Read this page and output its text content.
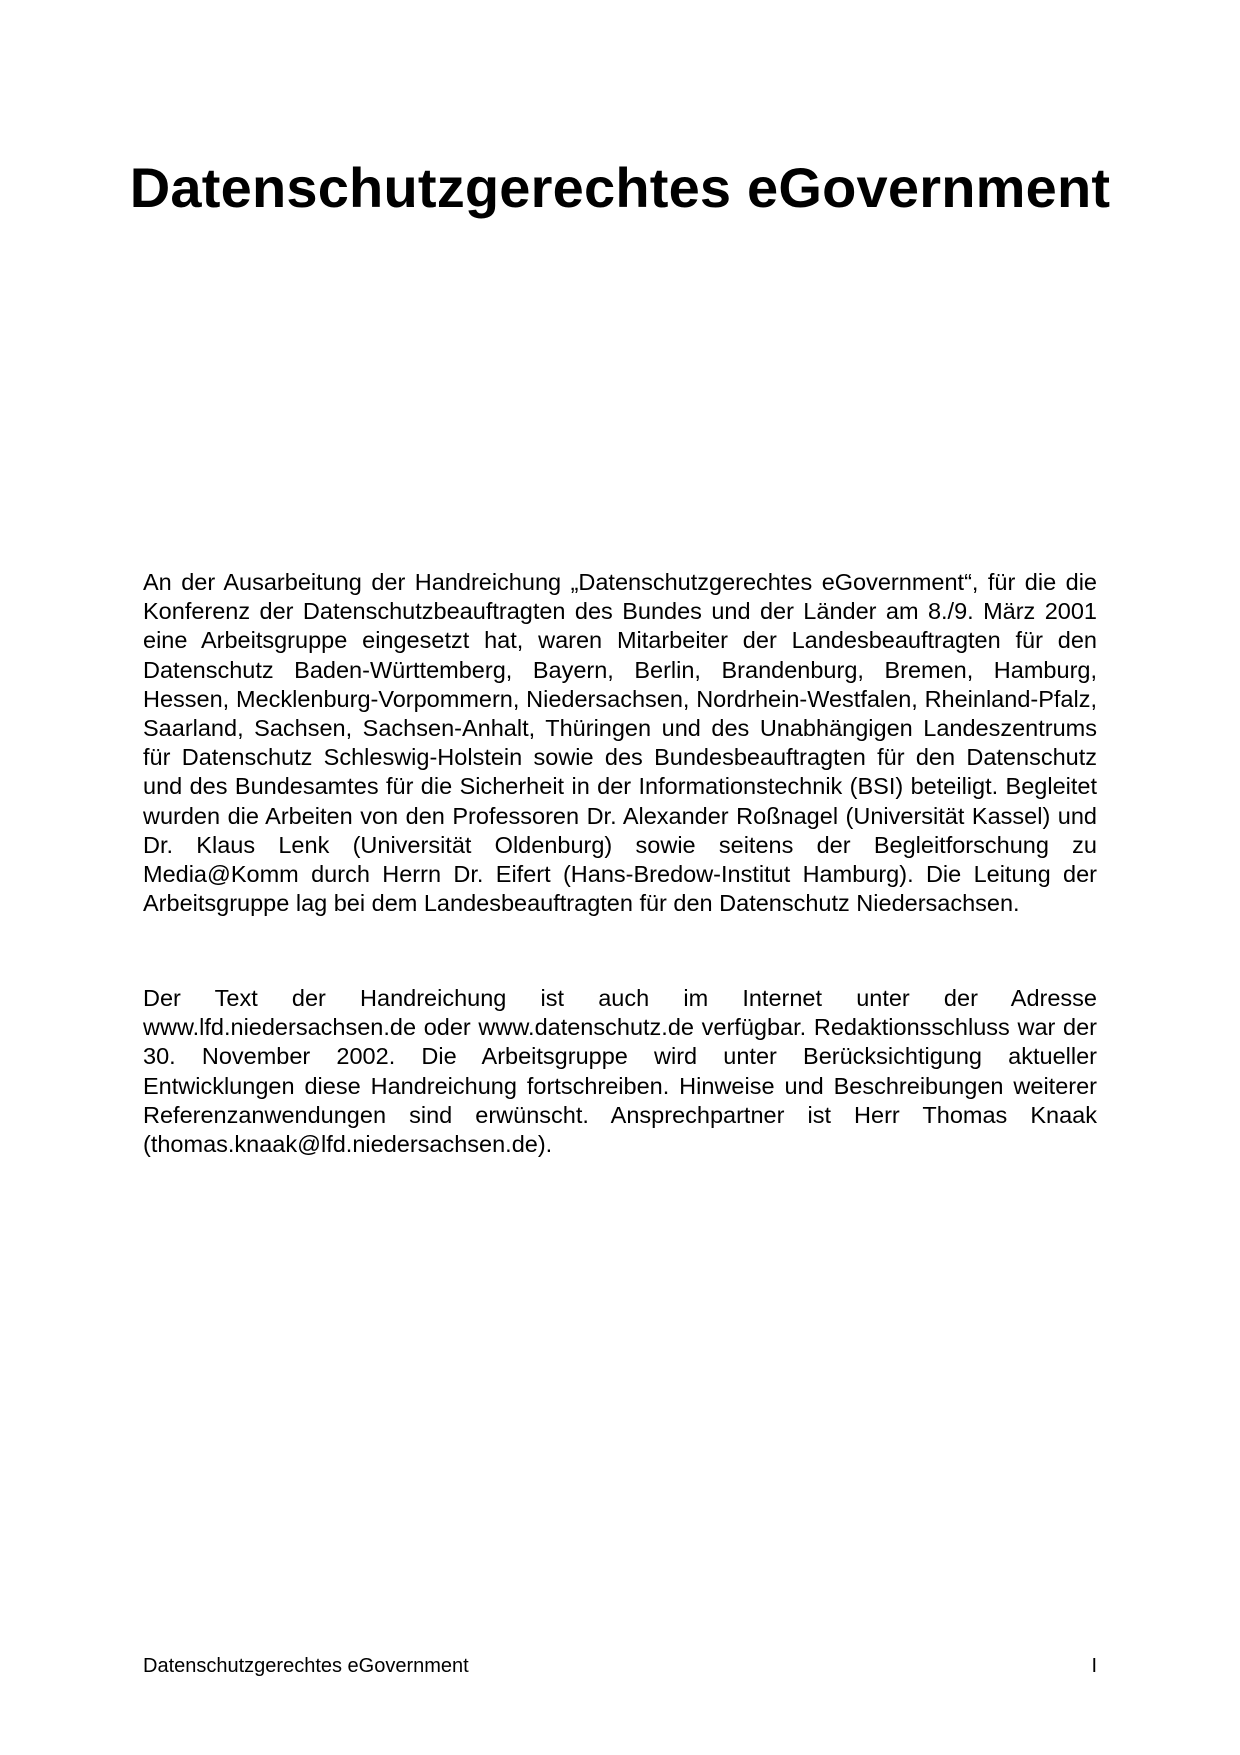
Datenschutzgerechtes eGovernment

An der Ausarbeitung der Handreichung „Datenschutzgerechtes eGovernment“, für die die Konferenz der Datenschutzbeauftragten des Bundes und der Länder am 8./9. März 2001 eine Arbeitsgruppe eingesetzt hat, waren Mitarbeiter der Landesbeauftragten für den Datenschutz Baden-Württemberg, Bayern, Berlin, Brandenburg, Bremen, Hamburg, Hessen, Mecklenburg-Vorpommern, Niedersachsen, Nordrhein-Westfalen, Rheinland-Pfalz, Saarland, Sachsen, Sachsen-Anhalt, Thüringen und des Unabhängigen Landeszentrums für Datenschutz Schleswig-Holstein sowie des Bundesbeauftragten für den Datenschutz und des Bundesamtes für die Sicherheit in der Informationstechnik (BSI) beteiligt. Begleitet wurden die Arbeiten von den Professoren Dr. Alexander Roßnagel (Universität Kassel) und Dr. Klaus Lenk (Universität Oldenburg) sowie seitens der Begleitforschung zu Media@Komm durch Herrn Dr. Eifert (Hans-Bredow-Institut Hamburg). Die Leitung der Arbeitsgruppe lag bei dem Landesbeauftragten für den Datenschutz Niedersachsen.

Der Text der Handreichung ist auch im Internet unter der Adresse www.lfd.niedersachsen.de oder www.datenschutz.de verfügbar. Redaktionsschluss war der 30. November 2002. Die Arbeitsgruppe wird unter Berücksichtigung aktueller Entwicklungen diese Handreichung fortschreiben. Hinweise und Beschreibungen weiterer Referenzanwendungen sind erwünscht. Ansprechpartner ist Herr Thomas Knaak (thomas.knaak@lfd.niedersachsen.de).

Datenschutzgerechtes eGovernment	I
